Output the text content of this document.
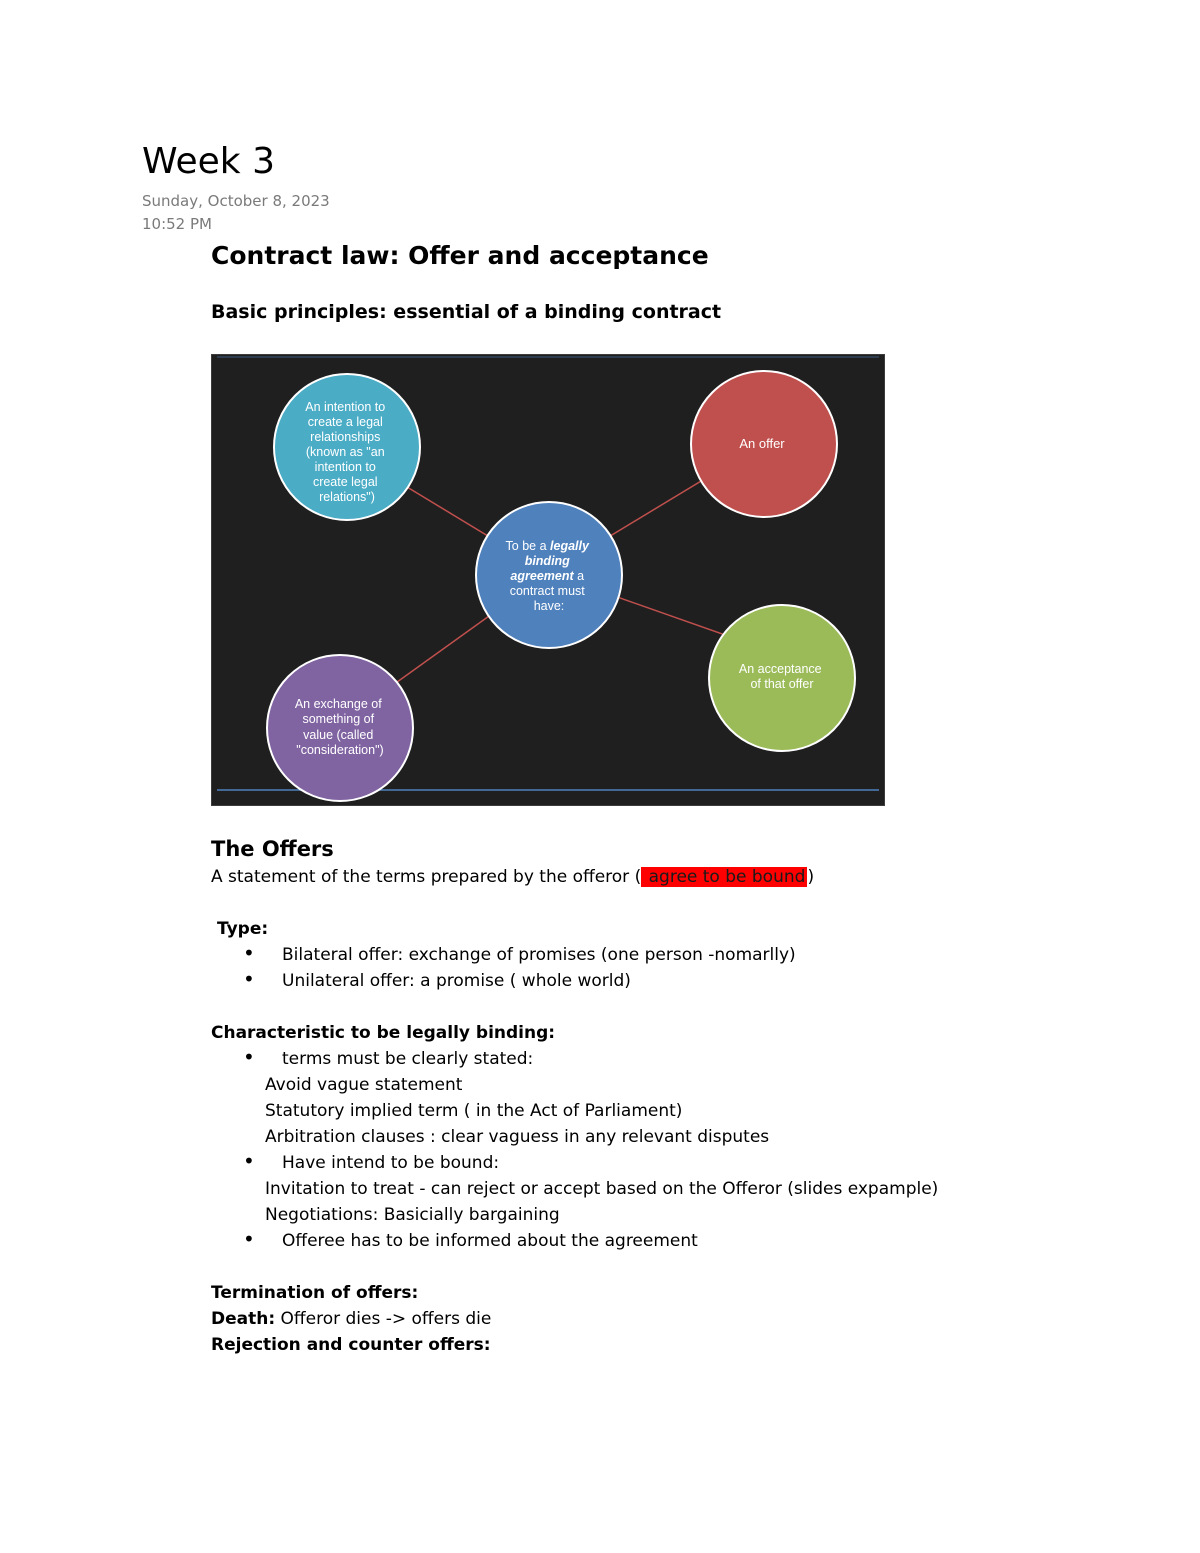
Week 3
Sunday, October 8, 2023
10:52 PM
Contract law: Offer and acceptance
Basic principles: essential of a binding contract
An intention to create a legal relationships (known as "an intention to create legal relations")
An offer
To be a legally binding agreement a contract must have:
An acceptance of that offer
An exchange of something of value (called "consideration")
The Offers
A statement of the terms prepared by the offeror ( agree to be bound )
Type:
• Bilateral offer: exchange of promises (one person -nomarlly)
• Unilateral offer: a promise ( whole world)
Characteristic to be legally binding:
• terms must be clearly stated:
Avoid vague statement
Statutory implied term ( in the Act of Parliament)
Arbitration clauses : clear vaguess in any relevant disputes
• Have intend to be bound:
Invitation to treat - can reject or accept based on the Offeror (slides expample)
Negotiations: Basicially bargaining
• Offeree has to be informed about the agreement
Termination of offers:
Death: Offeror dies -> offers die
Rejection and counter offers:
